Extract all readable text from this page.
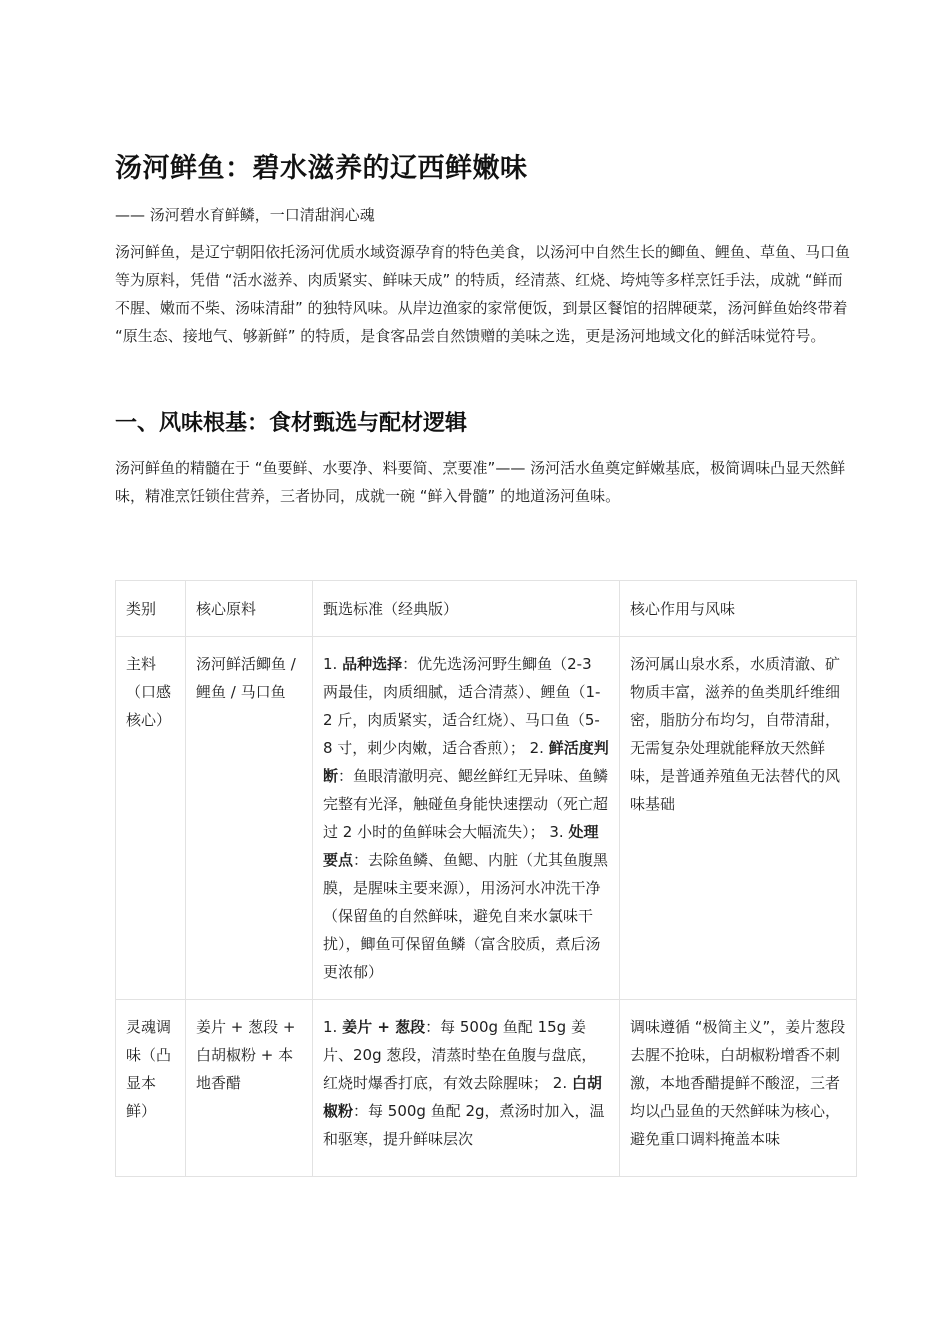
汤河鲜鱼：碧水滋养的辽西鲜嫩味

—— 汤河碧水育鲜鳞，一口清甜润心魂

汤河鲜鱼，是辽宁朝阳依托汤河优质水域资源孕育的特色美食，以汤河中自然生长的鲫鱼、鲤鱼、草鱼、马口鱼等为原料，凭借 “活水滋养、肉质紧实、鲜味天成” 的特质，经清蒸、红烧、垮炖等多样烹饪手法，成就 “鲜而不腥、嫩而不柴、汤味清甜” 的独特风味。从岸边渔家的家常便饭，到景区餐馆的招牌硬菜，汤河鲜鱼始终带着 “原生态、接地气、够新鲜” 的特质，是食客品尝自然馈赠的美味之选，更是汤河地域文化的鲜活味觉符号。

一、风味根基：食材甄选与配材逻辑

汤河鲜鱼的精髓在于 “鱼要鲜、水要净、料要简、烹要准”—— 汤河活水鱼奠定鲜嫩基底，极简调味凸显天然鲜味，精准烹饪锁住营养，三者协同，成就一碗 “鲜入骨髓” 的地道汤河鱼味。

类别	核心原料	甄选标准（经典版）	核心作用与风味
主料（口感核心）	汤河鲜活鲫鱼 / 鲤鱼 / 马口鱼	1. 品种选择：优先选汤河野生鲫鱼（2-3 两最佳，肉质细腻，适合清蒸）、鲤鱼（1-2 斤，肉质紧实，适合红烧）、马口鱼（5-8 寸，刺少肉嫩，适合香煎）； 2. 鲜活度判断：鱼眼清澈明亮、鳃丝鲜红无异味、鱼鳞完整有光泽，触碰鱼身能快速摆动（死亡超过 2 小时的鱼鲜味会大幅流失）； 3. 处理要点：去除鱼鳞、鱼鳃、内脏（尤其鱼腹黑膜，是腥味主要来源），用汤河水冲洗干净（保留鱼的自然鲜味，避免自来水氯味干扰），鲫鱼可保留鱼鳞（富含胶质，煮后汤更浓郁）	汤河属山泉水系，水质清澈、矿物质丰富，滋养的鱼类肌纤维细密，脂肪分布均匀，自带清甜，无需复杂处理就能释放天然鲜味，是普通养殖鱼无法替代的风味基础

灵魂调味（凸显本鲜）	姜片 + 葱段 + 白胡椒粉 + 本地香醋	1. 姜片 + 葱段：每 500g 鱼配 15g 姜片、20g 葱段，清蒸时垫在鱼腹与盘底，红烧时爆香打底，有效去除腥味； 2. 白胡椒粉：每 500g 鱼配 2g，煮汤时加入，温和驱寒，提升鲜味层次	调味遵循 “极简主义”，姜片葱段去腥不抢味，白胡椒粉增香不刺激，本地香醋提鲜不酸涩，三者均以凸显鱼的天然鲜味为核心，避免重口调料掩盖本味
